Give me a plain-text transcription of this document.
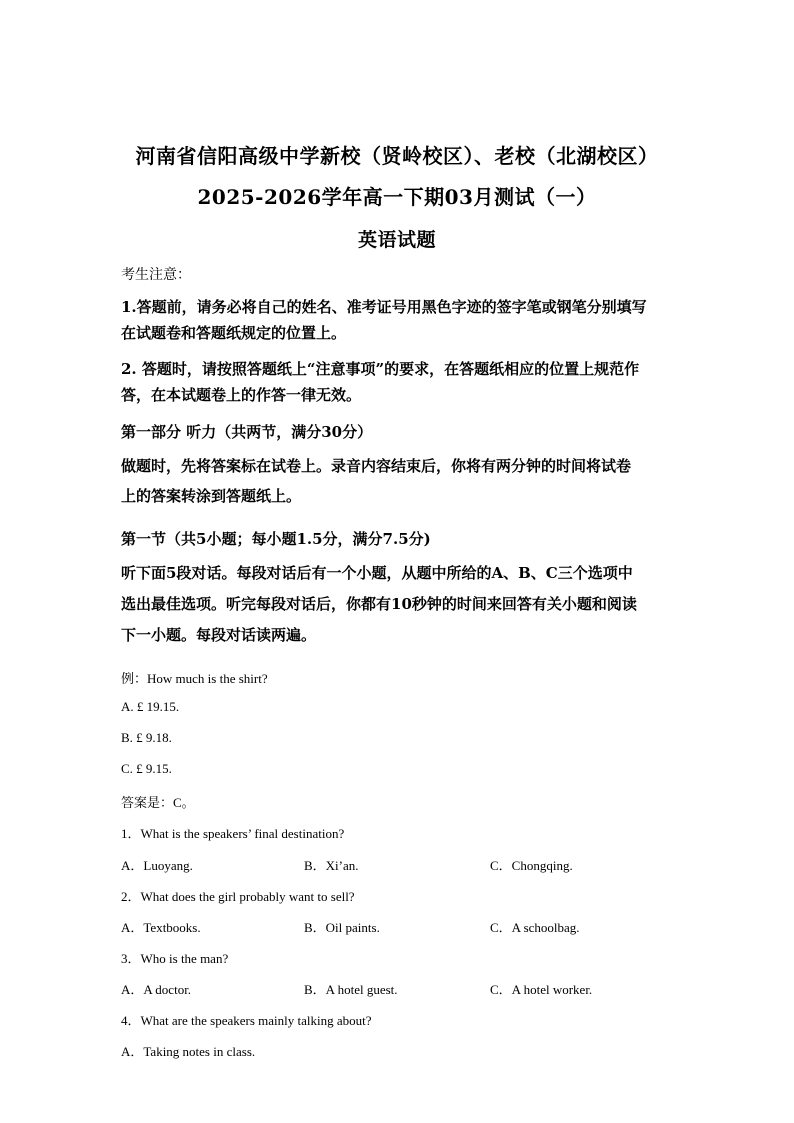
河南省信阳高级中学新校（贤岭校区）、老校（北湖校区）
2025-2026学年高一下期03月测试（一）
英语试题
考生注意：
1.答题前，请务必将自己的姓名、准考证号用黑色字迹的签字笔或钢笔分别填写
在试题卷和答题纸规定的位置上。
2. 答题时，请按照答题纸上“注意事项”的要求，在答题纸相应的位置上规范作
答，在本试题卷上的作答一律无效。
第一部分 听力（共两节，满分30分）
做题时，先将答案标在试卷上。录音内容结束后，你将有两分钟的时间将试卷
上的答案转涂到答题纸上。
第一节（共5小题；每小题1.5分，满分7.5分)
听下面5段对话。每段对话后有一个小题，从题中所给的A、B、C三个选项中
选出最佳选项。听完每段对话后，你都有10秒钟的时间来回答有关小题和阅读
下一小题。每段对话读两遍。
例：How much is the shirt?
A. £ 19.15.
B. £ 9.18.
C. £ 9.15.
答案是：C。
1．What is the speakers’ final destination?
A．Luoyang.	B．Xi’an.	C．Chongqing.
2．What does the girl probably want to sell?
A．Textbooks.	B．Oil paints.	C．A schoolbag.
3．Who is the man?
A．A doctor.	B．A hotel guest.	C．A hotel worker.
4．What are the speakers mainly talking about?
A．Taking notes in class.
